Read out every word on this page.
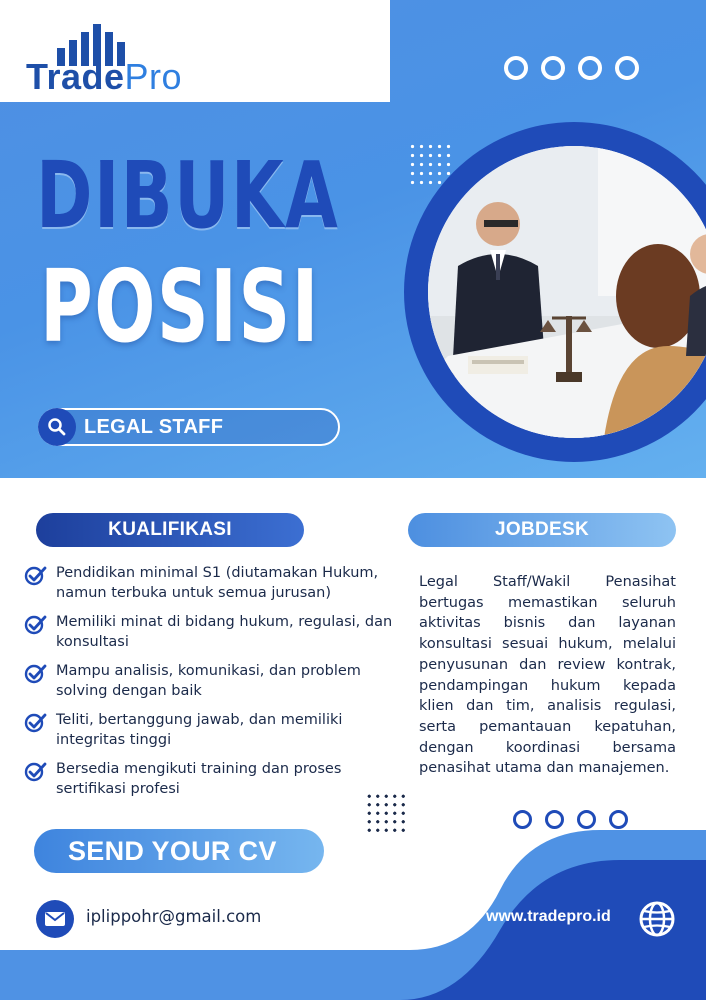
TradePro
DIBUKA
POSISI
LEGAL STAFF
KUALIFIKASI	JOBDESK
Pendidikan minimal S1 (diutamakan Hukum, namun terbuka untuk semua jurusan)
Memiliki minat di bidang hukum, regulasi, dan konsultasi
Mampu analisis, komunikasi, dan problem solving dengan baik
Teliti, bertanggung jawab, dan memiliki integritas tinggi
Bersedia mengikuti training dan proses sertifikasi profesi

Legal Staff/Wakil Penasihat bertugas memastikan seluruh aktivitas bisnis dan layanan konsultasi sesuai hukum, melalui penyusunan dan review kontrak, pendampingan hukum kepada klien dan tim, analisis regulasi, serta pemantauan kepatuhan, dengan koordinasi bersama penasihat utama dan manajemen.

SEND YOUR CV
iplippohr@gmail.com	www.tradepro.id
